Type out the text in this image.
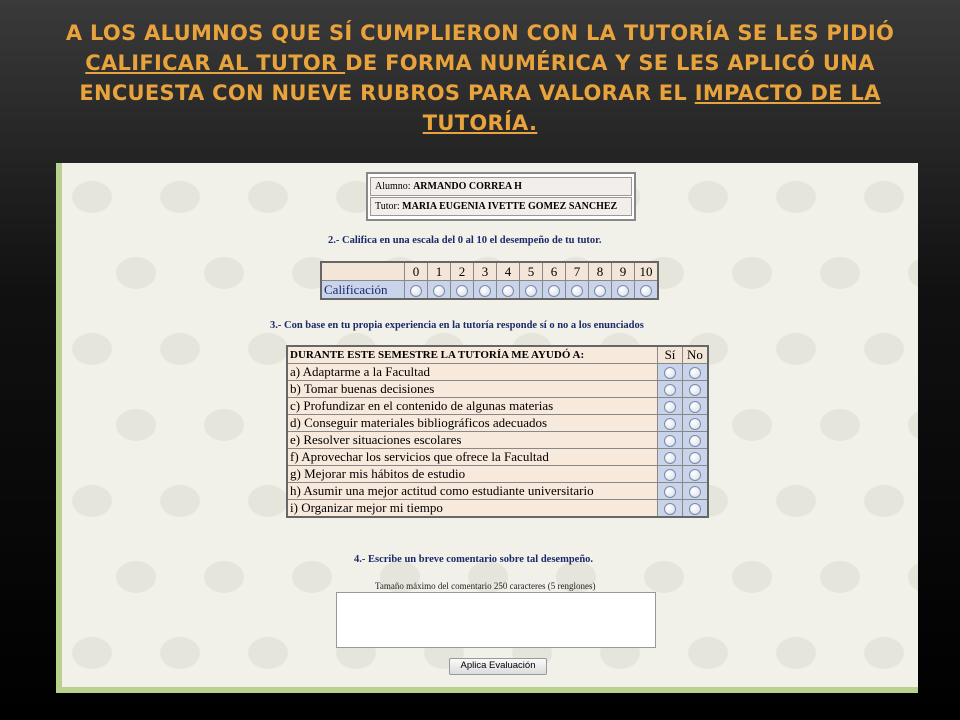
A LOS ALUMNOS QUE SÍ CUMPLIERON CON LA TUTORÍA SE LES PIDIÓ CALIFICAR AL TUTOR DE FORMA NUMÉRICA Y SE LES APLICÓ UNA ENCUESTA CON NUEVE RUBROS PARA VALORAR EL IMPACTO DE LA TUTORÍA.
Alumno: ARMANDO CORREA H
Tutor: MARIA EUGENIA IVETTE GOMEZ SANCHEZ
2.- Califica en una escala del 0 al 10 el desempeño de tu tutor.
	0	1	2	3	4	5	6	7	8	9	10
Calificación											
3.- Con base en tu propia experiencia en la tutoría responde sí o no a los enunciados
DURANTE ESTE SEMESTRE LA TUTORÍA ME AYUDÓ A:	Sí	No
a) Adaptarme a la Facultad		
b) Tomar buenas decisiones		
c) Profundizar en el contenido de algunas materias		
d) Conseguir materiales bibliográficos adecuados		
e) Resolver situaciones escolares		
f) Aprovechar los servicios que ofrece la Facultad		
g) Mejorar mis hábitos de estudio		
h) Asumir una mejor actitud como estudiante universitario		
i) Organizar mejor mi tiempo		
4.- Escribe un breve comentario sobre tal desempeño.
Tamaño máximo del comentario 250 caracteres (5 renglones)
Aplica Evaluación
